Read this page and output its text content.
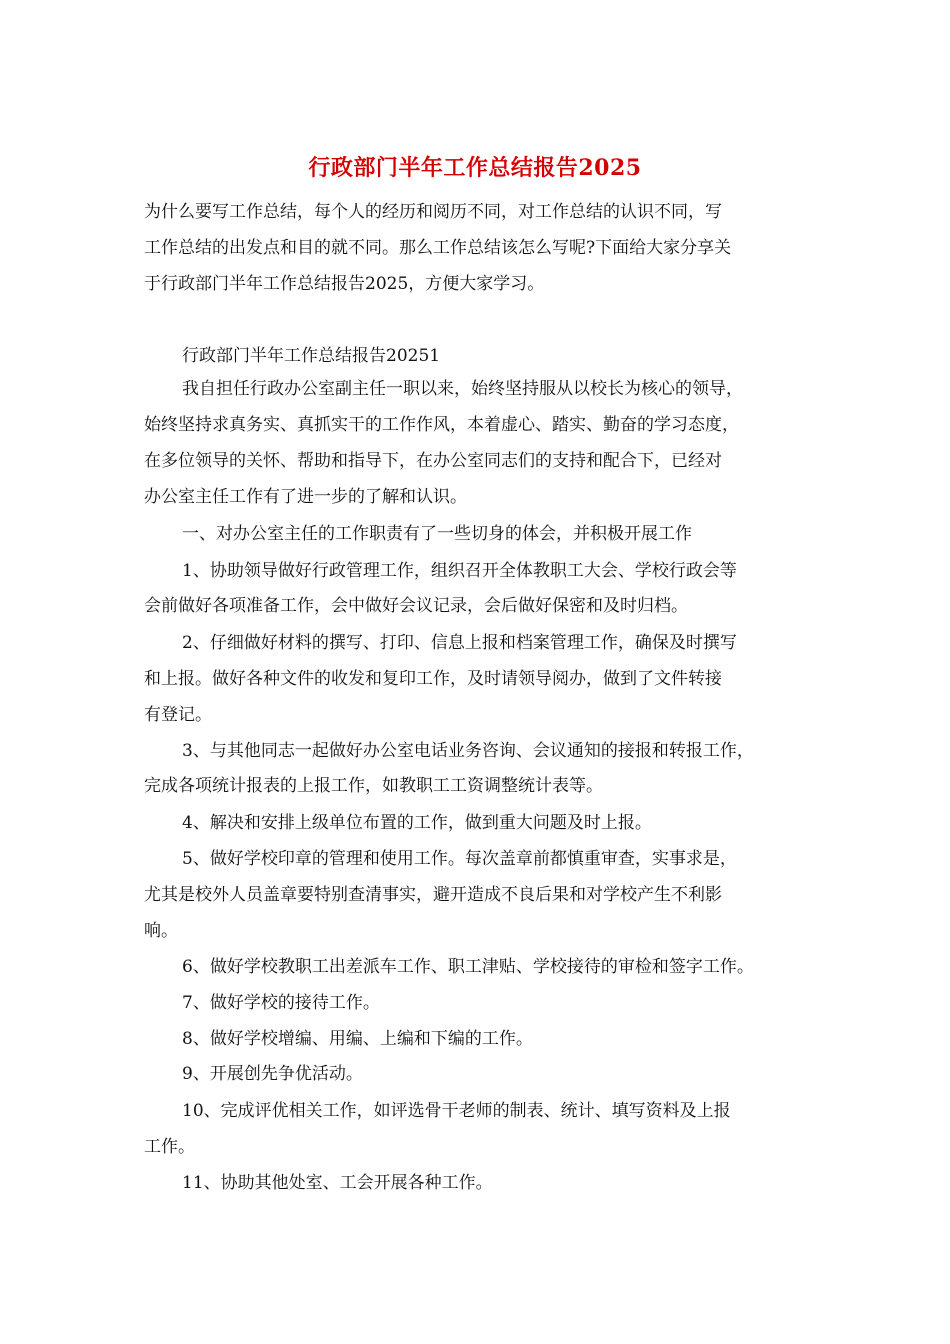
行政部门半年工作总结报告2025
为什么要写工作总结，每个人的经历和阅历不同，对工作总结的认识不同，写
工作总结的出发点和目的就不同。那么工作总结该怎么写呢?下面给大家分享关
于行政部门半年工作总结报告2025，方便大家学习。
行政部门半年工作总结报告20251
我自担任行政办公室副主任一职以来，始终坚持服从以校长为核心的领导，
始终坚持求真务实、真抓实干的工作作风，本着虚心、踏实、勤奋的学习态度，
在多位领导的关怀、帮助和指导下，在办公室同志们的支持和配合下，已经对
办公室主任工作有了进一步的了解和认识。
一、对办公室主任的工作职责有了一些切身的体会，并积极开展工作
1、协助领导做好行政管理工作，组织召开全体教职工大会、学校行政会等
会前做好各项准备工作，会中做好会议记录，会后做好保密和及时归档。
2、仔细做好材料的撰写、打印、信息上报和档案管理工作，确保及时撰写
和上报。做好各种文件的收发和复印工作，及时请领导阅办，做到了文件转接
有登记。
3、与其他同志一起做好办公室电话业务咨询、会议通知的接报和转报工作，
完成各项统计报表的上报工作，如教职工工资调整统计表等。
4、解决和安排上级单位布置的工作，做到重大问题及时上报。
5、做好学校印章的管理和使用工作。每次盖章前都慎重审查，实事求是，
尤其是校外人员盖章要特别查清事实，避开造成不良后果和对学校产生不利影
响。
6、做好学校教职工出差派车工作、职工津贴、学校接待的审检和签字工作。
7、做好学校的接待工作。
8、做好学校增编、用编、上编和下编的工作。
9、开展创先争优活动。
10、完成评优相关工作，如评选骨干老师的制表、统计、填写资料及上报
工作。
11、协助其他处室、工会开展各种工作。
